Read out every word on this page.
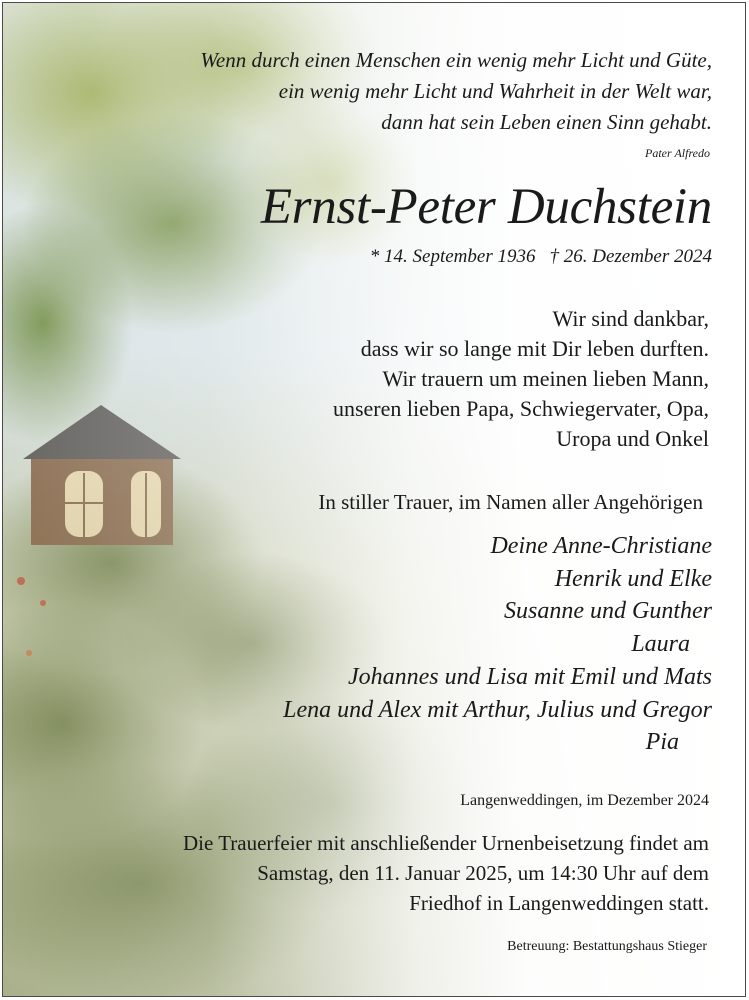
Wenn durch einen Menschen ein wenig mehr Licht und Güte,
ein wenig mehr Licht und Wahrheit in der Welt war,
dann hat sein Leben einen Sinn gehabt.
Pater Alfredo
Ernst-Peter Duchstein
* 14. September 1936 † 26. Dezember 2024
Wir sind dankbar,
dass wir so lange mit Dir leben durften.
Wir trauern um meinen lieben Mann,
unseren lieben Papa, Schwiegervater, Opa,
Uropa und Onkel
In stiller Trauer, im Namen aller Angehörigen
Deine Anne-Christiane
Henrik und Elke
Susanne und Gunther
Laura
Johannes und Lisa mit Emil und Mats
Lena und Alex mit Arthur, Julius und Gregor
Pia
Langenweddingen, im Dezember 2024
Die Trauerfeier mit anschließender Urnenbeisetzung findet am
Samstag, den 11. Januar 2025, um 14:30 Uhr auf dem
Friedhof in Langenweddingen statt.
Betreuung: Bestattungshaus Stieger
